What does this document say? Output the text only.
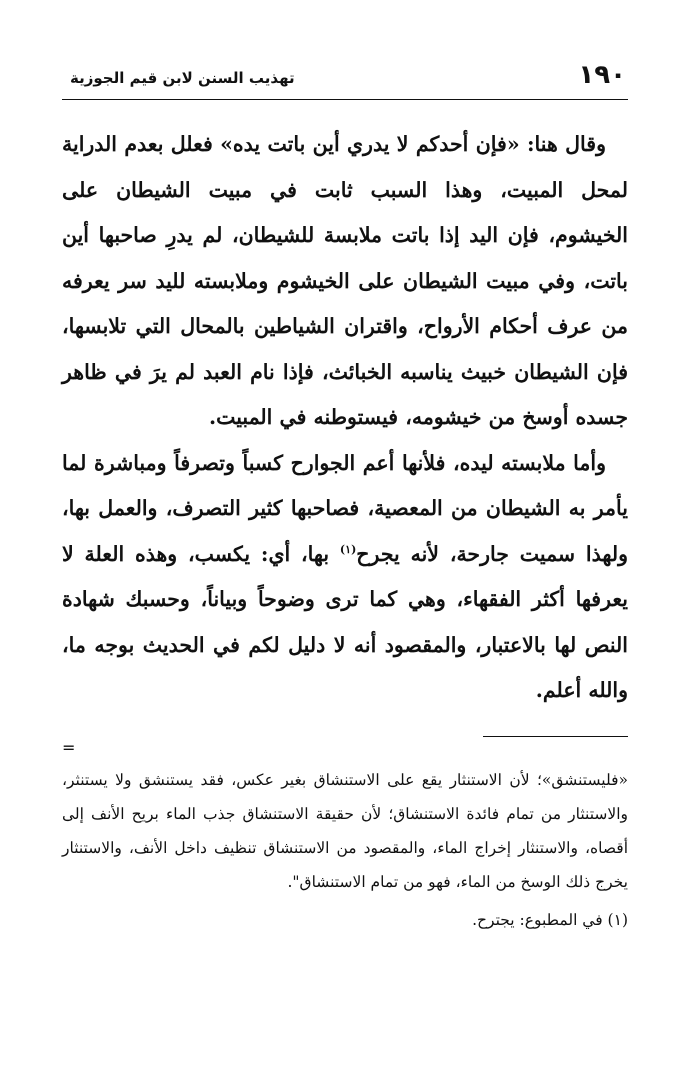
١٩٠
تهذيب السنن لابن قيم الجوزية

وقال هنا: «فإن أحدكم لا يدري أين باتت يده» فعلل بعدم الدراية لمحل المبيت، وهذا السبب ثابت في مبيت الشيطان على الخيشوم، فإن اليد إذا باتت ملابسة للشيطان، لم يدرِ صاحبها أين باتت، وفي مبيت الشيطان على الخيشوم وملابسته لليد سر يعرفه من عرف أحكام الأرواح، واقتران الشياطين بالمحال التي تلابسها، فإن الشيطان خبيث يناسبه الخبائث، فإذا نام العبد لم يرَ في ظاهر جسده أوسخ من خيشومه، فيستوطنه في المبيت.

وأما ملابسته ليده، فلأنها أعم الجوارح كسباً وتصرفاً ومباشرة لما يأمر به الشيطان من المعصية، فصاحبها كثير التصرف، والعمل بها، ولهذا سميت جارحة، لأنه يجرح$^{(١)}$ بها، أي: يكسب، وهذه العلة لا يعرفها أكثر الفقهاء، وهي كما ترى وضوحاً وبياناً، وحسبك شهادة النص لها بالاعتبار، والمقصود أنه لا دليل لكم في الحديث بوجه ما، والله أعلم.

=

«فليستنشق»؛ لأن الاستنثار يقع على الاستنشاق بغير عكس، فقد يستنشق ولا يستنثر، والاستنثار من تمام فائدة الاستنشاق؛ لأن حقيقة الاستنشاق جذب الماء بريح الأنف إلى أقصاه، والاستنثار إخراج الماء، والمقصود من الاستنشاق تنظيف داخل الأنف، والاستنثار يخرج ذلك الوسخ من الماء، فهو من تمام الاستنشاق".

(١) في المطبوع: يجترح.
